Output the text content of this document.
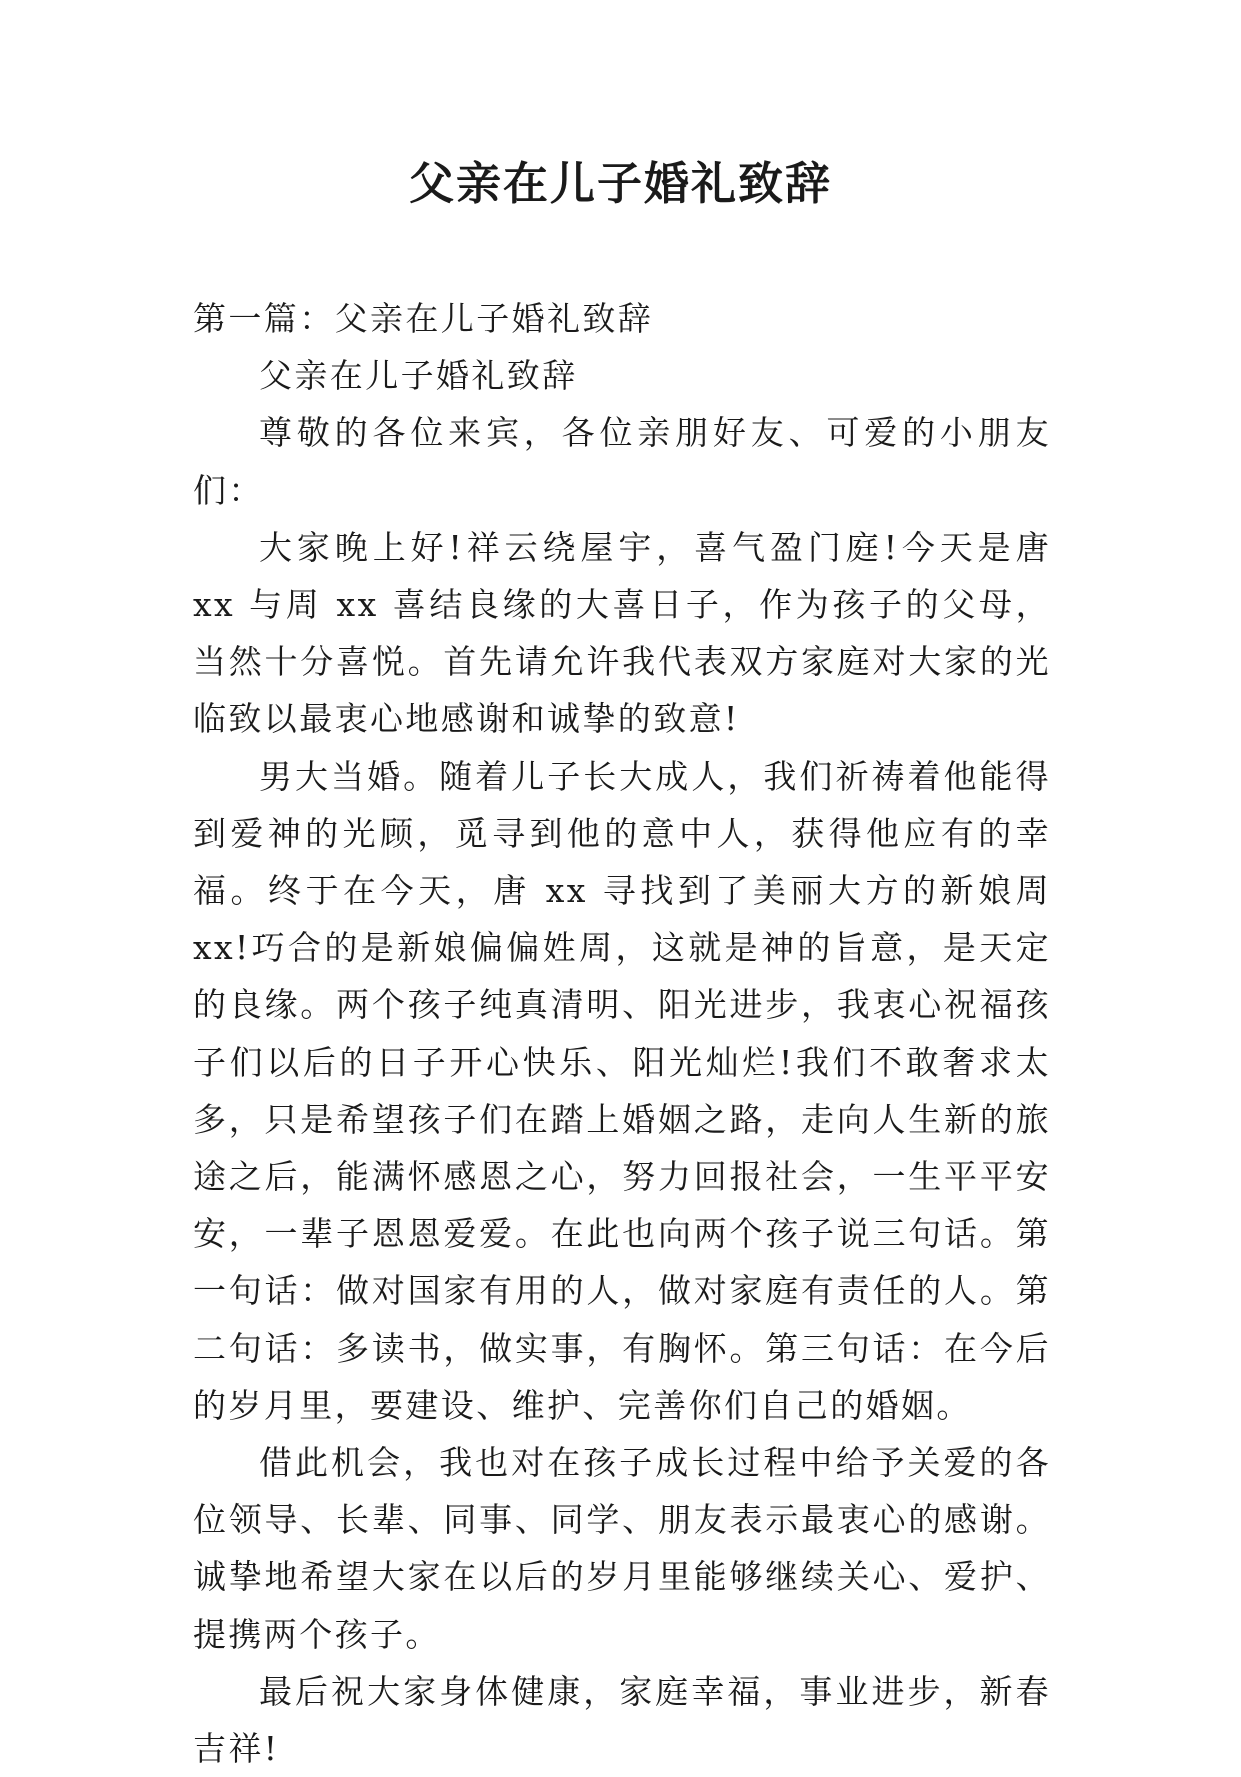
父亲在儿子婚礼致辞

第一篇：父亲在儿子婚礼致辞

父亲在儿子婚礼致辞

尊敬的各位来宾，各位亲朋好友、可爱的小朋友们：

大家晚上好!祥云绕屋宇，喜气盈门庭!今天是唐 xx 与周 xx 喜结良缘的大喜日子，作为孩子的父母，当然十分喜悦。首先请允许我代表双方家庭对大家的光临致以最衷心地感谢和诚挚的致意!

男大当婚。随着儿子长大成人，我们祈祷着他能得到爱神的光顾，觅寻到他的意中人，获得他应有的幸福。终于在今天，唐 xx 寻找到了美丽大方的新娘周 xx!巧合的是新娘偏偏姓周，这就是神的旨意，是天定的良缘。两个孩子纯真清明、阳光进步，我衷心祝福孩子们以后的日子开心快乐、阳光灿烂!我们不敢奢求太多，只是希望孩子们在踏上婚姻之路，走向人生新的旅途之后，能满怀感恩之心，努力回报社会，一生平平安安，一辈子恩恩爱爱。在此也向两个孩子说三句话。第一句话：做对国家有用的人，做对家庭有责任的人。第二句话：多读书，做实事，有胸怀。第三句话：在今后的岁月里，要建设、维护、完善你们自己的婚姻。

借此机会，我也对在孩子成长过程中给予关爱的各位领导、长辈、同事、同学、朋友表示最衷心的感谢。诚挚地希望大家在以后的岁月里能够继续关心、爱护、提携两个孩子。

最后祝大家身体健康，家庭幸福，事业进步，新春吉祥!
